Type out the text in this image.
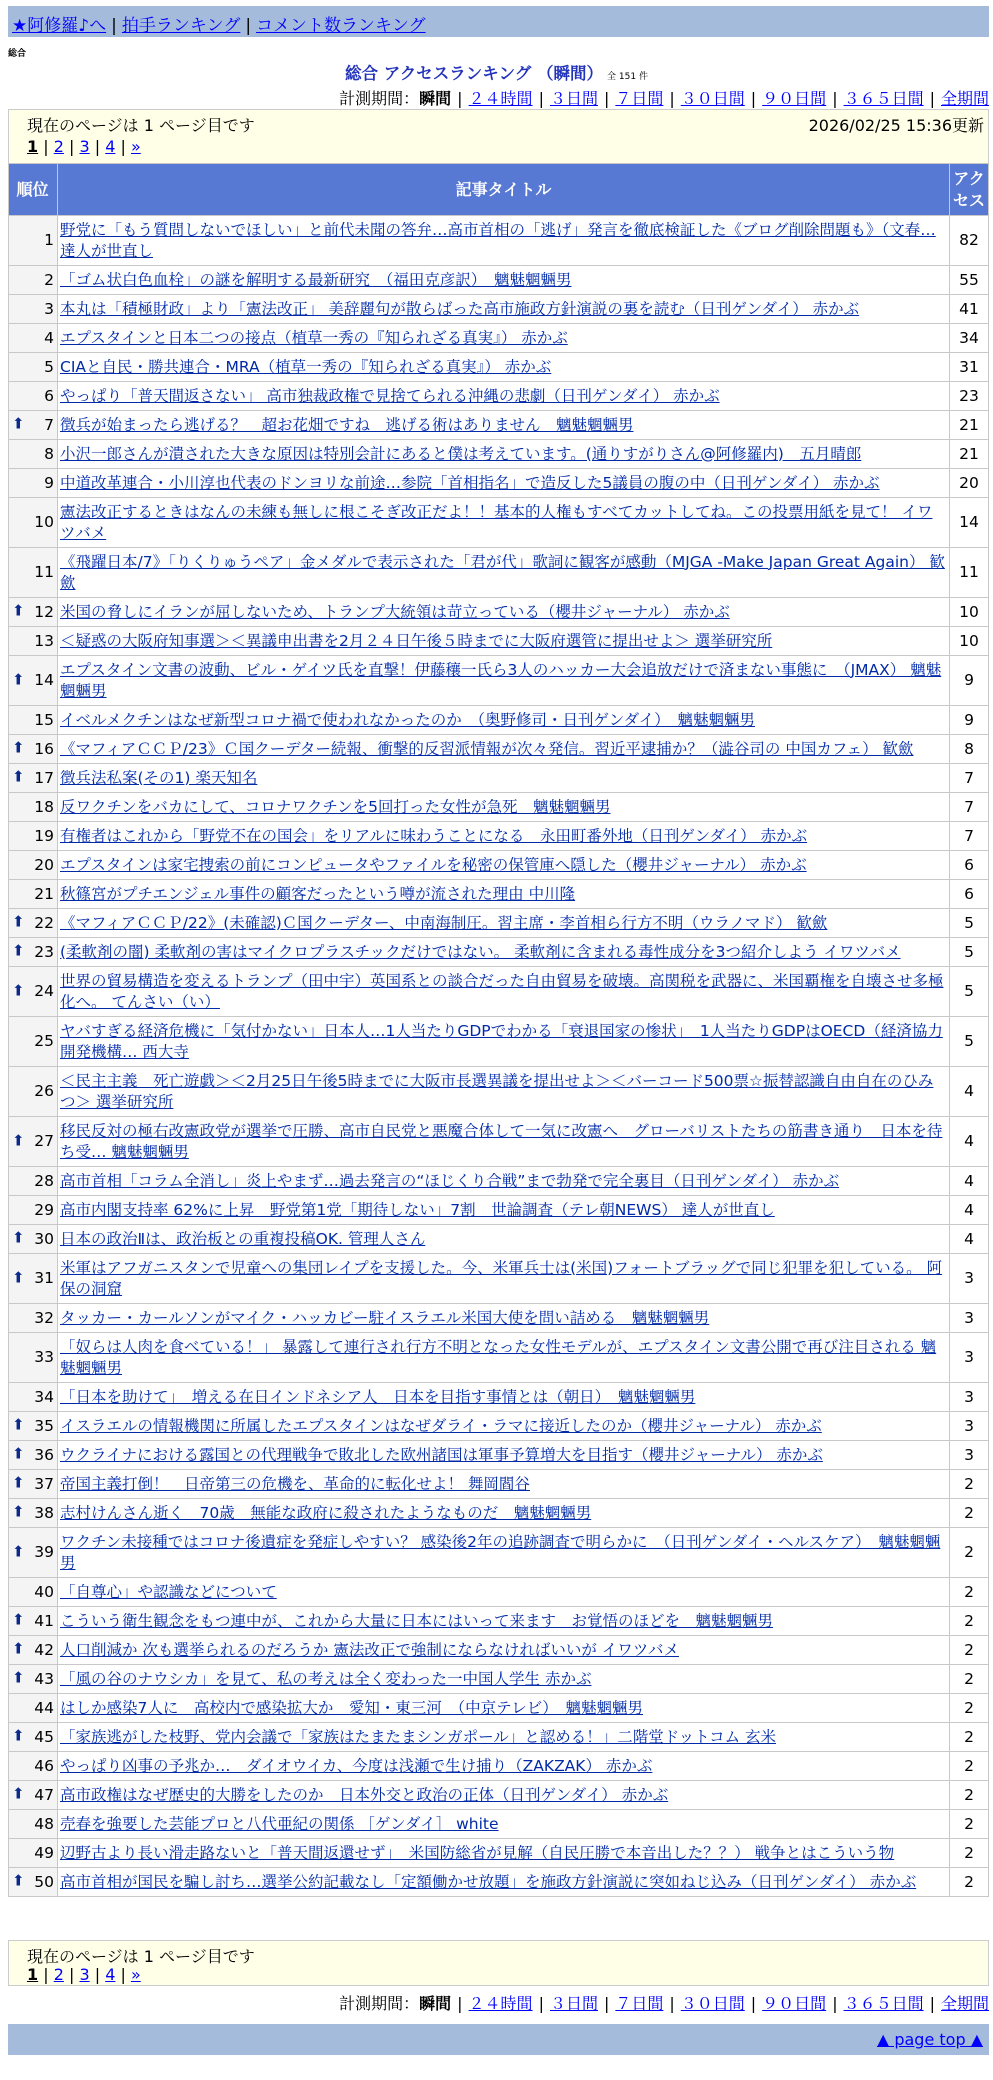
★阿修羅♪へ | 拍手ランキング | コメント数ランキング
総合
総合 アクセスランキング （瞬間） 全 151 件
計測期間：瞬間 | ２４時間 | ３日間 | ７日間 | ３０日間 | ９０日間 | ３６５日間 | 全期間
現在のページは 1 ページ目です	2026/02/25 15:36更新
1 | 2 | 3 | 4 | »
順位	記事タイトル	アクセス
1	野党に「もう質問しないでほしい」と前代未聞の答弁…高市首相の「逃げ」発言を徹底検証した《ブログ削除問題も》（文春… 達人が世直し	82
2	「ゴム状白色血栓」の謎を解明する最新研究　（福田克彦訳）　魑魅魍魎男	55
3	本丸は「積極財政」より「憲法改正」 美辞麗句が散らばった高市施政方針演説の裏を読む（日刊ゲンダイ） 赤かぶ	41
4	エプスタインと日本二つの接点（植草一秀の『知られざる真実』） 赤かぶ	34
5	CIAと自民・勝共連合・MRA（植草一秀の『知られざる真実』） 赤かぶ	31
6	やっぱり「普天間返さない」 高市独裁政権で見捨てられる沖縄の悲劇（日刊ゲンダイ） 赤かぶ	23

⬆ 7	徴兵が始まったら逃げる？　超お花畑ですね　逃げる術はありません　魑魅魍魎男	21
8	小沢一郎さんが潰された大きな原因は特別会計にあると僕は考えています。(通りすがりさん@阿修羅内)　五月晴郎	21
9	中道改革連合・小川淳也代表のドンヨリな前途…参院「首相指名」で造反した5議員の腹の中（日刊ゲンダイ） 赤かぶ	20
10	憲法改正するときはなんの未練も無しに根こそぎ改正だよ！！基本的人権もすべてカットしてね。この投票用紙を見て！ イワツバメ	14
11	《飛躍日本/7》「りくりゅうペア」金メダルで表示された「君が代」歌詞に観客が感動（MJGA -Make Japan Great Again） 歓歛	11

⬆ 12	米国の脅しにイランが屈しないため、トランプ大統領は苛立っている（櫻井ジャーナル） 赤かぶ	10
13	＜疑惑の大阪府知事選＞＜異議申出書を2月２４日午後５時までに大阪府選管に提出せよ＞ 選挙研究所	10

⬆ 14	エプスタイン文書の波動、ビル・ゲイツ氏を直撃！伊藤穰一氏ら3人のハッカー大会追放だけで済まない事態に　（JMAX） 魑魅魍魎男	9
15	イベルメクチンはなぜ新型コロナ禍で使われなかったのか　（奥野修司・日刊ゲンダイ）　魑魅魍魎男	9

⬆ 16	《マフィアＣＣＰ/23》Ｃ国クーデター続報、衝撃的反習派情報が次々発信。習近平逮捕か？（澁谷司の 中国カフェ） 歓歛	8

⬆ 17	徴兵法私案(その1) 楽天知名	7
18	反ワクチンをバカにして、コロナワクチンを5回打った女性が急死　魑魅魍魎男	7
19	有権者はこれから「野党不在の国会」をリアルに味わうことになる　永田町番外地（日刊ゲンダイ） 赤かぶ	7
20	エプスタインは家宅捜索の前にコンピュータやファイルを秘密の保管庫へ隠した（櫻井ジャーナル） 赤かぶ	6
21	秋篠宮がプチエンジェル事件の顧客だったという噂が流された理由 中川隆	6

⬆ 22	《マフィアＣＣＰ/22》(未確認)Ｃ国クーデター、中南海制圧。習主席・李首相ら行方不明（ウラノマド） 歓歛	5

⬆ 23	(柔軟剤の闇) 柔軟剤の害はマイクロプラスチックだけではない。 柔軟剤に含まれる毒性成分を3つ紹介しよう イワツバメ	5

⬆ 24	世界の貿易構造を変えるトランプ（田中宇）英国系との談合だった自由貿易を破壊。高関税を武器に、米国覇権を自壊させ多極化へ。 てんさい（い）	5
25	ヤバすぎる経済危機に「気付かない」日本人…1人当たりGDPでわかる「衰退国家の惨状」　1人当たりGDPはOECD（経済協力開発機構… 西大寺	5
26	＜民主主義　死亡遊戯＞＜2月25日午後5時までに大阪市長選異議を提出せよ＞＜バーコード500票☆振替認識自由自在のひみつ＞ 選挙研究所	4

⬆ 27	移民反対の極右改憲政党が選挙で圧勝、高市自民党と悪魔合体して一気に改憲へ　グローバリストたちの筋書き通り　日本を待ち受… 魑魅魍魎男	4
28	高市首相「コラム全消し」炎上やまず…過去発言の“ほじくり合戦”まで勃発で完全裏目（日刊ゲンダイ） 赤かぶ	4
29	高市内閣支持率 62%に上昇　野党第1党「期待しない」7割　世論調査（テレ朝NEWS） 達人が世直し	4

⬆ 30	日本の政治Ⅱは、政治板との重複投稿OK. 管理人さん	4

⬆ 31	米軍はアフガニスタンで児童への集団レイプを支援した。今、米軍兵士は(米国)フォートブラッグで同じ犯罪を犯している。 阿保の洞窟	3
32	タッカー・カールソンがマイク・ハッカビー駐イスラエル米国大使を問い詰める　魑魅魍魎男	3
33	「奴らは人肉を食べている！」 暴露して連行され行方不明となった女性モデルが、エプスタイン文書公開で再び注目される 魑魅魍魎男	3
34	「日本を助けて」　増える在日インドネシア人　日本を目指す事情とは（朝日）　魑魅魍魎男	3

⬆ 35	イスラエルの情報機関に所属したエプスタインはなぜダライ・ラマに接近したのか（櫻井ジャーナル） 赤かぶ	3

⬆ 36	ウクライナにおける露国との代理戦争で敗北した欧州諸国は軍事予算増大を目指す（櫻井ジャーナル） 赤かぶ	3

⬆ 37	帝国主義打倒！　日帝第三の危機を、革命的に転化せよ！ 舞岡閻谷	2

⬆ 38	志村けんさん逝く　70歳　無能な政府に殺されたようなものだ　魑魅魍魎男	2

⬆ 39	ワクチン未接種ではコロナ後遺症を発症しやすい？ 感染後2年の追跡調査で明らかに　（日刊ゲンダイ・ヘルスケア）　魑魅魍魎男	2
40	「自尊心」や認識などについて	2

⬆ 41	こういう衛生観念をもつ連中が、これから大量に日本にはいって来ます　お覚悟のほどを　魑魅魍魎男	2

⬆ 42	人口削減か 次も選挙られるのだろうか 憲法改正で強制にならなければいいが イワツバメ	2

⬆ 43	「風の谷のナウシカ」を見て、私の考えは全く変わった一中国人学生 赤かぶ	2
44	はしか感染7人に　高校内で感染拡大か　愛知・東三河　（中京テレビ）　魑魅魍魎男	2

⬆ 45	「家族逃がした枝野、党内会議で「家族はたまたまシンガポール」と認める！」二階堂ドットコム 玄米	2
46	やっぱり凶事の予兆か…　ダイオウイカ、今度は浅瀬で生け捕り（ZAKZAK） 赤かぶ	2

⬆ 47	高市政権はなぜ歴史的大勝をしたのか　日本外交と政治の正体（日刊ゲンダイ） 赤かぶ	2
48	売春を強要した芸能プロと八代亜紀の関係 ［ゲンダイ］ white	2
49	辺野古より長い滑走路ないと「普天間返還せず」　米国防総省が見解（自民圧勝で本音出した？？） 戦争とはこういう物	2

⬆ 50	高市首相が国民を騙し討ち…選挙公約記載なし「定額働かせ放題」を施政方針演説に突如ねじ込み（日刊ゲンダイ） 赤かぶ	2
現在のページは 1 ページ目です
1 | 2 | 3 | 4 | »
計測期間：瞬間 | ２４時間 | ３日間 | ７日間 | ３０日間 | ９０日間 | ３６５日間 | 全期間
▲ page top ▲
